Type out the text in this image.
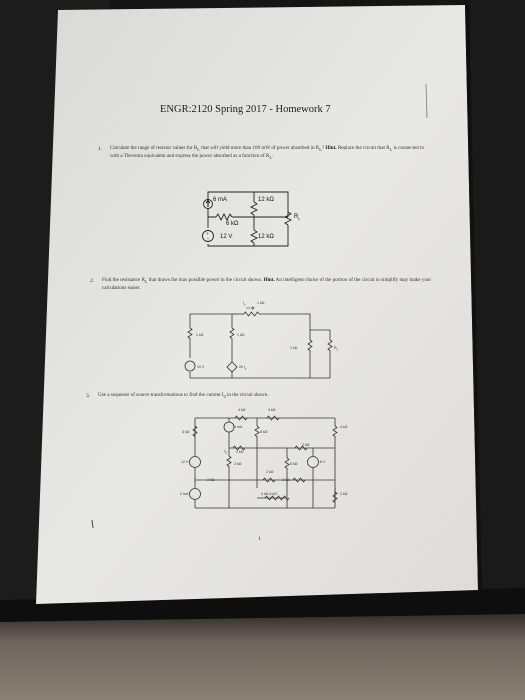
ENGR:2120 Spring 2017 - Homework 7
1. Calculate the range of resistor values for $R_L$ that will yield more than 100 mW of power absorbed in $R_L$? Hint. Replace the circuit that $R_L$ is connected to with a Thevenin equivalent and express the power absorbed as a function of $R_L$.
+
−
6 mA	12 kΩ
6 kΩ
12 V	12 kΩ
$R_L$
2. Find the resistance $R_L$ that draws the max possible power in the circuit shown. Hint. An intelligent choice of the portion of the circuit to simplify may make your calculations easier.
$I_x$	1 kΩ
1 kΩ	1 kΩ
1 kΩ	$R_L$
10 V	2k $I_x$
3. Use a sequence of source transformations to find the current $I_0$ in the circuit shown.
4 kΩ	3 kΩ
3 kΩ
4 mA
6 kΩ
4 kΩ
2 kΩ
$I_0$	2 kΩ
2 kΩ	6 kΩ
2 kΩ
3 kΩ	3 kΩ
12 V	6 V
2 mA	4 kΩ 6 kΩ	2 kΩ
1
